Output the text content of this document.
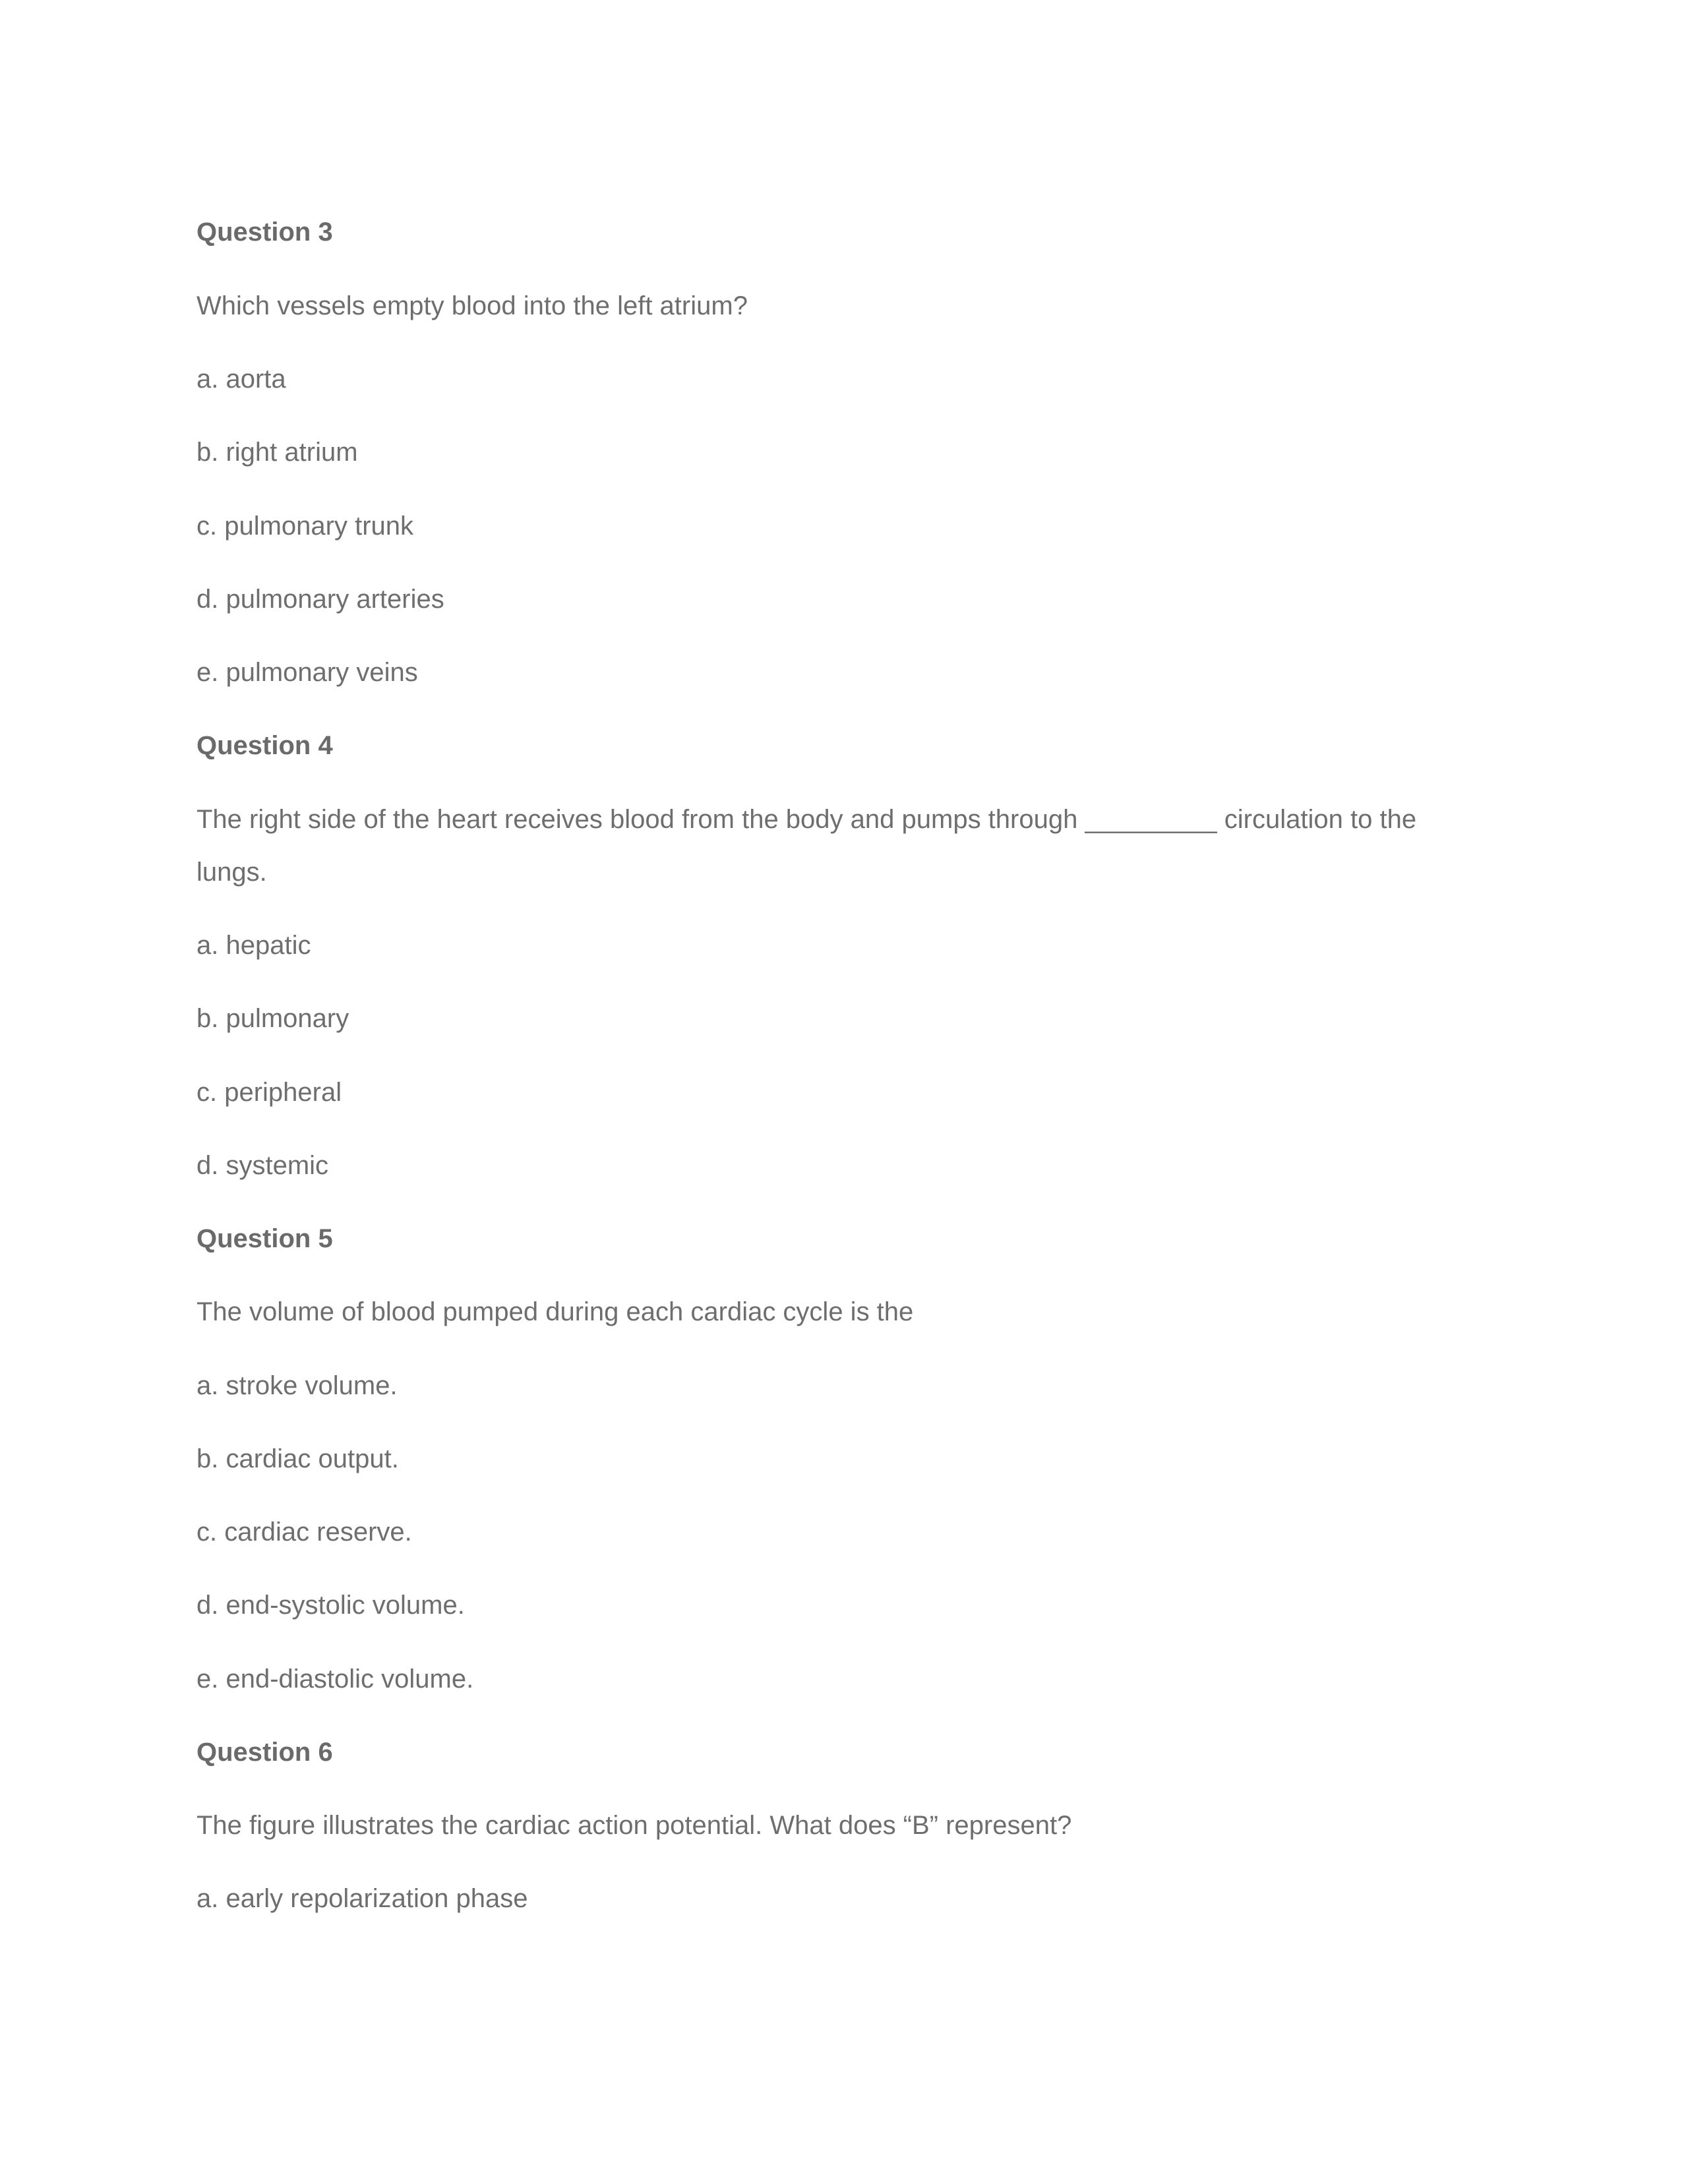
Question 3

Which vessels empty blood into the left atrium?

a. aorta

b. right atrium

c. pulmonary trunk

d. pulmonary arteries

e. pulmonary veins

Question 4

The right side of the heart receives blood from the body and pumps through _________ circulation to the

lungs.

a. hepatic

b. pulmonary

c. peripheral

d. systemic

Question 5

The volume of blood pumped during each cardiac cycle is the

a. stroke volume.

b. cardiac output.

c. cardiac reserve.

d. end-systolic volume.

e. end-diastolic volume.

Question 6

The figure illustrates the cardiac action potential. What does “B” represent?

a. early repolarization phase
